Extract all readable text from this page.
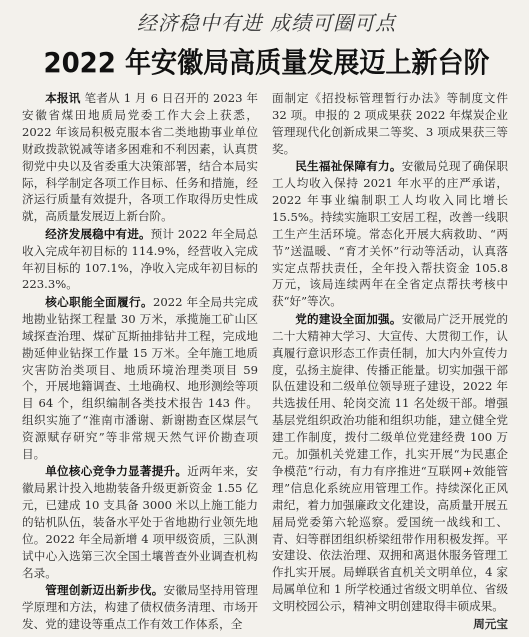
经济稳中有进 成绩可圈可点
2022 年安徽局高质量发展迈上新台阶

本报讯 笔者从 1 月 6 日召开的 2023 年安徽省煤田地质局党委工作大会上获悉，2022 年该局积极克服本省二类地勘事业单位财政拨款锐减等诸多困难和不利因素，认真贯彻党中央以及省委重大决策部署，结合本局实际，科学制定各项工作目标、任务和措施，经济运行质量有效提升，各项工作取得历史性成就，高质量发展迈上新台阶。

经济发展稳中有进。预计 2022 年全局总收入完成年初目标的 114.9%，经营收入完成年初目标的 107.1%，净收入完成年初目标的 223.3%。

核心职能全面履行。2022 年全局共完成地勘业钻探工程量 30 万米，承揽施工矿山区域探查治理、煤矿瓦斯抽排钻井工程，完成地勘延伸业钻探工作量 15 万米。全年施工地质灾害防治类项目、地质环境治理类项目 59 个，开展地籍调查、土地确权、地形测绘等项目 64 个，组织编制各类技术报告 143 件。组织实施了“淮南市潘谢、新谢勘查区煤层气资源赋存研究”等非常规天然气评价勘查项目。

单位核心竞争力显著提升。近两年来，安徽局累计投入地勘装备升级更新资金 1.55 亿元，已建成 10 支具备 3000 米以上施工能力的钻机队伍，装备水平处于省地勘行业领先地位。2022 年全局新增 4 项甲级资质，三队测试中心入选第三次全国土壤普查外业调查机构名录。

管理创新迈出新步伐。安徽局坚持用管理学原理和方法，构建了债权债务清理、市场开发、党的建设等重点工作有效工作体系，全

面制定《招投标管理暂行办法》等制度文件 32 项。申报的 2 项成果获 2022 年煤炭企业管理现代化创新成果二等奖、3 项成果获三等奖。

民生福祉保障有力。安徽局兑现了确保职工人均收入保持 2021 年水平的庄严承诺，2022 年事业编制职工人均收入同比增长 15.5%。持续实施职工安居工程，改善一线职工生产生活环境。常态化开展大病救助、“两节”送温暖、“育才关怀”行动等活动，认真落实定点帮扶责任，全年投入帮扶资金 105.8 万元，该局连续两年在全省定点帮扶考核中获“好”等次。

党的建设全面加强。安徽局广泛开展党的二十大精神大学习、大宣传、大贯彻工作，认真履行意识形态工作责任制，加大内外宣传力度，弘扬主旋律、传播正能量。切实加强干部队伍建设和二级单位领导班子建设，2022 年共选拔任用、轮岗交流 11 名处级干部。增强基层党组织政治功能和组织功能，建立健全党建工作制度，拨付二级单位党建经费 100 万元。加强机关党建工作，扎实开展“为民惠企争模范”行动，有力有序推进“互联网+效能管理”信息化系统应用管理工作。持续深化正风肃纪，着力加强廉政文化建设，高质量开展五届局党委第六轮巡察。爱国统一战线和工、青、妇等群团组织桥梁纽带作用积极发挥。平安建设、依法治理、双拥和离退休服务管理工作扎实开展。局蝉联省直机关文明单位，4 家局属单位和 1 所学校通过省级文明单位、省级文明校园公示，精神文明创建取得丰硕成果。

周元宝
